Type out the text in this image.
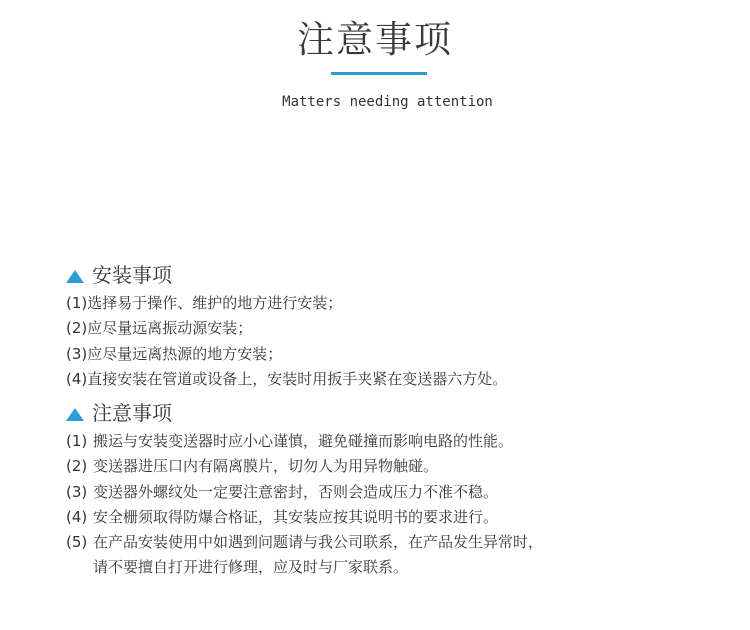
注意事项
Matters needing attention
安装事项
(1)选择易于操作、维护的地方进行安装；
(2)应尽量远离振动源安装；
(3)应尽量远离热源的地方安装；
(4)直接安装在管道或设备上，安装时用扳手夹紧在变送器六方处。
注意事项
(1) 搬运与安装变送器时应小心谨慎，避免碰撞而影响电路的性能。
(2) 变送器进压口内有隔离膜片，切勿人为用异物触碰。
(3) 变送器外螺纹处一定要注意密封，否则会造成压力不准不稳。
(4) 安全栅须取得防爆合格证，其安装应按其说明书的要求进行。
(5) 在产品安装使用中如遇到问题请与我公司联系，在产品发生异常时，
请不要擅自打开进行修理，应及时与厂家联系。
